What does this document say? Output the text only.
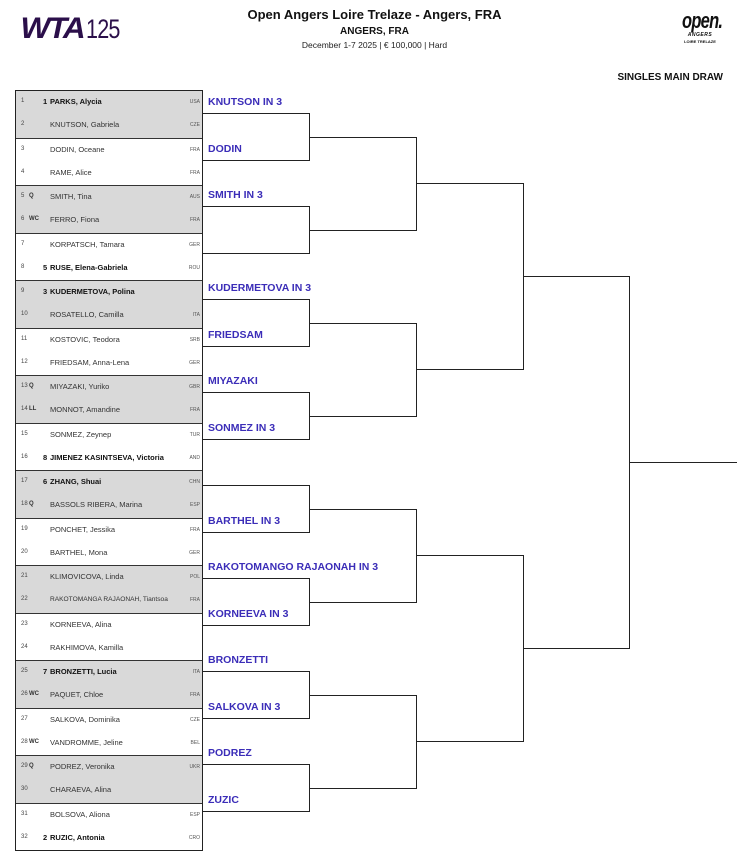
WTA 125	Open Angers Loire Trelaze - Angers, FRA
ANGERS, FRA
December 1-7 2025 | € 100,000 | Hard
open.
ANGERS
LOIRE TRELAZE
SINGLES MAIN DRAW
1 1 PARKS, Alycia	USA
2	KNUTSON, Gabriela	CZE
3	DODIN, Oceane	FRA
4	RAME, Alice	FRA
5 Q SMITH, Tina	AUS
6 WC FERRO, Fiona	FRA
7	KORPATSCH, Tamara	GER
8 5 RUSE, Elena-Gabriela	ROU
9 3 KUDERMETOVA, Polina
10	ROSATELLO, Camilla	ITA
11	KOSTOVIC, Teodora	SRB
12	FRIEDSAM, Anna-Lena	GER
13 Q MIYAZAKI, Yuriko	GBR
14 LL MONNOT, Amandine	FRA
15	SONMEZ, Zeynep	TUR
16 8 JIMENEZ KASINTSEVA, Victoria	AND
17 6 ZHANG, Shuai	CHN
18 Q BASSOLS RIBERA, Marina	ESP
19	PONCHET, Jessika	FRA
20	BARTHEL, Mona	GER
21	KLIMOVICOVA, Linda	POL
22	RAKOTOMANGA RAJAONAH, Tiantsoa	FRA
23	KORNEEVA, Alina
24	RAKHIMOVA, Kamilla
25 7 BRONZETTI, Lucia	ITA
26 WC PAQUET, Chloe	FRA
27	SALKOVA, Dominika	CZE
28 WC VANDROMME, Jeline	BEL
29 Q PODREZ, Veronika	UKR
30	CHARAEVA, Alina
31	BOLSOVA, Aliona	ESP
32 2 RUZIC, Antonia	CRO
KNUTSON IN 3
DODIN
SMITH IN 3
KUDERMETOVA IN 3
FRIEDSAM
MIYAZAKI
SONMEZ IN 3
BARTHEL IN 3
RAKOTOMANGO RAJAONAH IN 3
KORNEEVA IN 3
BRONZETTI
SALKOVA IN 3
PODREZ
ZUZIC
